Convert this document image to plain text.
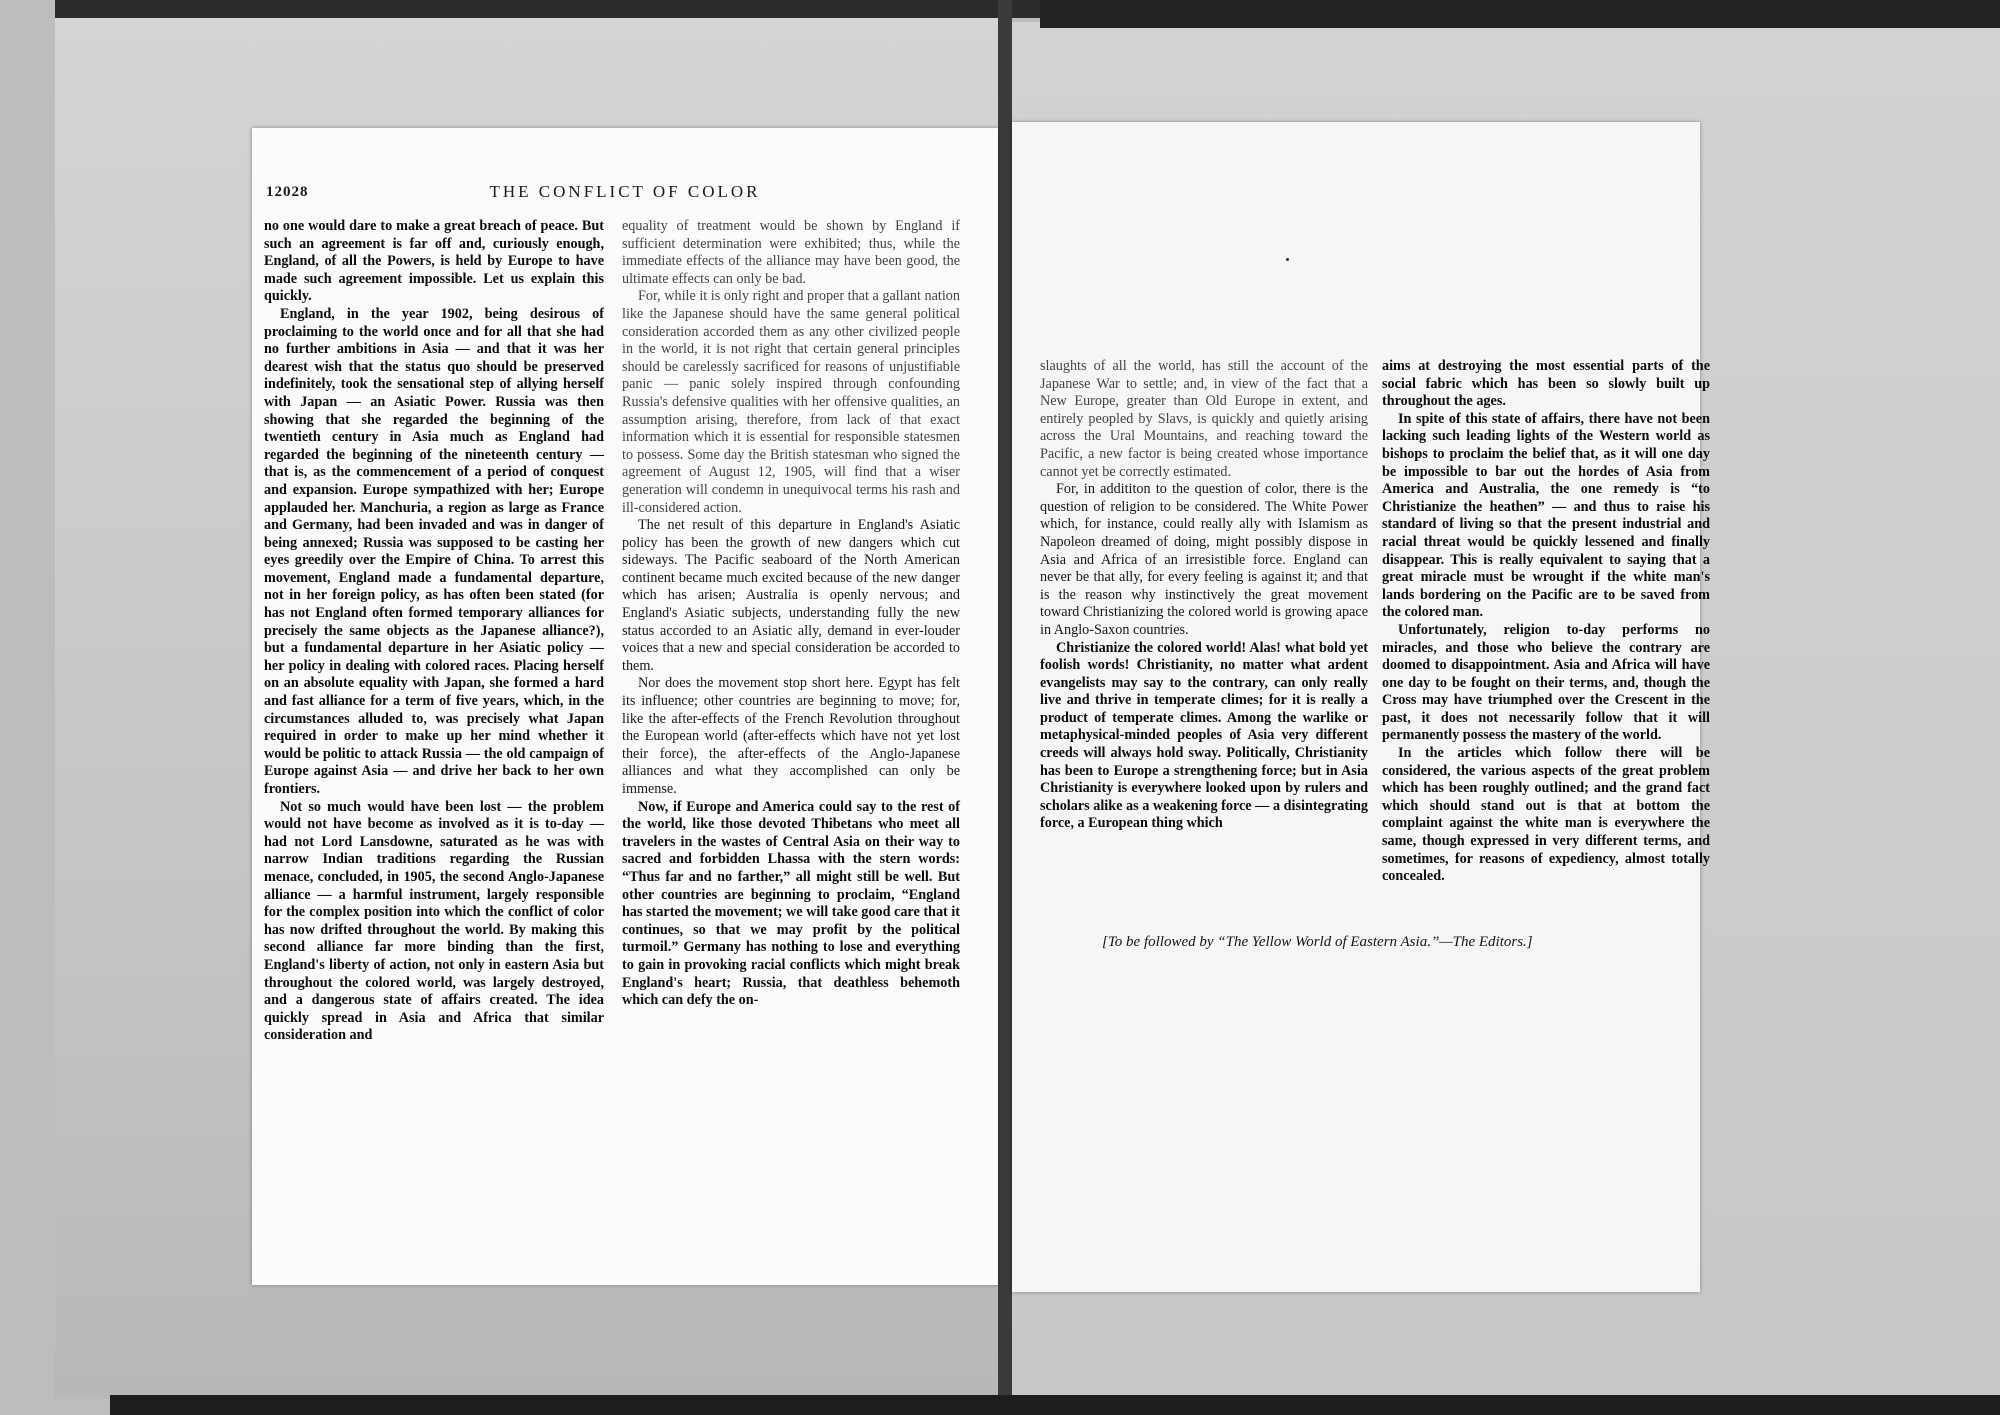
12028	THE CONFLICT OF COLOR

no one would dare to make a great breach of peace. But such an agreement is far off and, curiously enough, England, of all the Powers, is held by Europe to have made such agreement impossible. Let us explain this quickly.

England, in the year 1902, being desirous of proclaiming to the world once and for all that she had no further ambitions in Asia — and that it was her dearest wish that the status quo should be preserved indefinitely, took the sensational step of allying herself with Japan — an Asiatic Power. Russia was then showing that she regarded the beginning of the twentieth century in Asia much as England had regarded the beginning of the nineteenth century — that is, as the commencement of a period of conquest and expansion. Europe sympathized with her; Europe applauded her. Manchuria, a region as large as France and Germany, had been invaded and was in danger of being annexed; Russia was supposed to be casting her eyes greedily over the Empire of China. To arrest this movement, England made a fundamental departure, not in her foreign policy, as has often been stated (for has not England often formed temporary alliances for precisely the same objects as the Japanese alliance?), but a fundamental departure in her Asiatic policy — her policy in dealing with colored races. Placing herself on an absolute equality with Japan, she formed a hard and fast alliance for a term of five years, which, in the circumstances alluded to, was precisely what Japan required in order to make up her mind whether it would be politic to attack Russia — the old campaign of Europe against Asia — and drive her back to her own frontiers.

Not so much would have been lost — the problem would not have become as involved as it is to-day — had not Lord Lansdowne, saturated as he was with narrow Indian traditions regarding the Russian menace, concluded, in 1905, the second Anglo-Japanese alliance — a harmful instrument, largely responsible for the complex position into which the conflict of color has now drifted throughout the world. By making this second alliance far more binding than the first, England's liberty of action, not only in eastern Asia but throughout the colored world, was largely destroyed, and a dangerous state of affairs created. The idea quickly spread in Asia and Africa that similar consideration and

equality of treatment would be shown by England if sufficient determination were exhibited; thus, while the immediate effects of the alliance may have been good, the ultimate effects can only be bad.

For, while it is only right and proper that a gallant nation like the Japanese should have the same general political consideration accorded them as any other civilized people in the world, it is not right that certain general principles should be carelessly sacrificed for reasons of unjustifiable panic — panic solely inspired through confounding Russia's defensive qualities with her offensive qualities, an assumption arising, therefore, from lack of that exact information which it is essential for responsible statesmen to possess. Some day the British statesman who signed the agreement of August 12, 1905, will find that a wiser generation will condemn in unequivocal terms his rash and ill-considered action.

The net result of this departure in England's Asiatic policy has been the growth of new dangers which cut sideways. The Pacific seaboard of the North American continent became much excited because of the new danger which has arisen; Australia is openly nervous; and England's Asiatic subjects, understanding fully the new status accorded to an Asiatic ally, demand in ever-louder voices that a new and special consideration be accorded to them.

Nor does the movement stop short here. Egypt has felt its influence; other countries are beginning to move; for, like the after-effects of the French Revolution throughout the European world (after-effects which have not yet lost their force), the after-effects of the Anglo-Japanese alliances and what they accomplished can only be immense.

Now, if Europe and America could say to the rest of the world, like those devoted Thibetans who meet all travelers in the wastes of Central Asia on their way to sacred and forbidden Lhassa with the stern words: “Thus far and no farther,” all might still be well. But other countries are beginning to proclaim, “England has started the movement; we will take good care that it continues, so that we may profit by the political turmoil.” Germany has nothing to lose and everything to gain in provoking racial conflicts which might break England's heart; Russia, that deathless behemoth which can defy the on-

slaughts of all the world, has still the account of the Japanese War to settle; and, in view of the fact that a New Europe, greater than Old Europe in extent, and entirely peopled by Slavs, is quickly and quietly arising across the Ural Mountains, and reaching toward the Pacific, a new factor is being created whose importance cannot yet be correctly estimated.

For, in addititon to the question of color, there is the question of religion to be considered. The White Power which, for instance, could really ally with Islamism as Napoleon dreamed of doing, might possibly dispose in Asia and Africa of an irresistible force. England can never be that ally, for every feeling is against it; and that is the reason why instinctively the great movement toward Christianizing the colored world is growing apace in Anglo-Saxon countries.

Christianize the colored world! Alas! what bold yet foolish words! Christianity, no matter what ardent evangelists may say to the contrary, can only really live and thrive in temperate climes; for it is really a product of temperate climes. Among the warlike or metaphysical-minded peoples of Asia very different creeds will always hold sway. Politically, Christianity has been to Europe a strengthening force; but in Asia Christianity is everywhere looked upon by rulers and scholars alike as a weakening force — a disintegrating force, a European thing which

aims at destroying the most essential parts of the social fabric which has been so slowly built up throughout the ages.

In spite of this state of affairs, there have not been lacking such leading lights of the Western world as bishops to proclaim the belief that, as it will one day be impossible to bar out the hordes of Asia from America and Australia, the one remedy is “to Christianize the heathen” — and thus to raise his standard of living so that the present industrial and racial threat would be quickly lessened and finally disappear. This is really equivalent to saying that a great miracle must be wrought if the white man's lands bordering on the Pacific are to be saved from the colored man.

Unfortunately, religion to-day performs no miracles, and those who believe the contrary are doomed to disappointment. Asia and Africa will have one day to be fought on their terms, and, though the Cross may have triumphed over the Crescent in the past, it does not necessarily follow that it will permanently possess the mastery of the world.

In the articles which follow there will be considered, the various aspects of the great problem which has been roughly outlined; and the grand fact which should stand out is that at bottom the complaint against the white man is everywhere the same, though expressed in very different terms, and sometimes, for reasons of expediency, almost totally concealed.

[To be followed by “The Yellow World of Eastern Asia.”—The Editors.]
